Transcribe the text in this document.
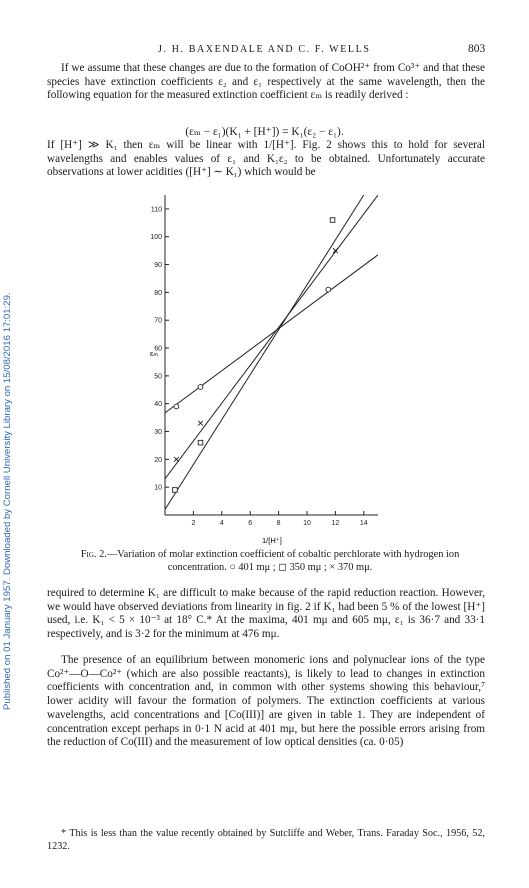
Published on 01 January 1957. Downloaded by Cornell University Library on 15/08/2016 17:01:29.
J. H. BAXENDALE AND C. F. WELLS	803

If we assume that these changes are due to the formation of CoOH²⁺ from Co³⁺ and that these species have extinction coefficients ε₂ and ε₁ respectively at the same wavelength, then the following equation for the measured extinction coefficient εₘ is readily derived :

(εₘ − ε₁)(K₁ + [H⁺]) = K₁(ε₂ − ε₁).

If [H⁺] ≫ K₁ then εₘ will be linear with 1/[H⁺]. Fig. 2 shows this to hold for several wavelengths and enables values of ε₁ and K₁ε₂ to be obtained. Unfortunately accurate observations at lower acidities ([H⁺] ∼ K₁) which would be

10
20
30
40
50
60
70
80
90
100
110
2	4	6	8	10	12	14
εₘ
1/[H⁺]
Fig. 2.—Variation of molar extinction coefficient of cobaltic perchlorate with hydrogen ion concentration. ○ 401 mμ ; ◻ 350 mμ ; × 370 mμ.

required to determine K₁ are difficult to make because of the rapid reduction reaction. However, we would have observed deviations from linearity in fig. 2 if K₁ had been 5 % of the lowest [H⁺] used, i.e. K₁ < 5 × 10⁻³ at 18° C.* At the maxima, 401 mμ and 605 mμ, ε₁ is 36·7 and 33·1 respectively, and is 3·2 for the minimum at 476 mμ.

The presence of an equilibrium between monomeric ions and polynuclear ions of the type Co²⁺—O—Co²⁺ (which are also possible reactants), is likely to lead to changes in extinction coefficients with concentration and, in common with other systems showing this behaviour,⁷ lower acidity will favour the formation of polymers. The extinction coefficients at various wavelengths, acid concentrations and [Co(III)] are given in table 1. They are independent of concentration except perhaps in 0·1 N acid at 401 mμ, but here the possible errors arising from the reduction of Co(III) and the measurement of low optical densities (ca. 0·05)

* This is less than the value recently obtained by Sutcliffe and Weber, Trans. Faraday Soc., 1956, 52, 1232.
